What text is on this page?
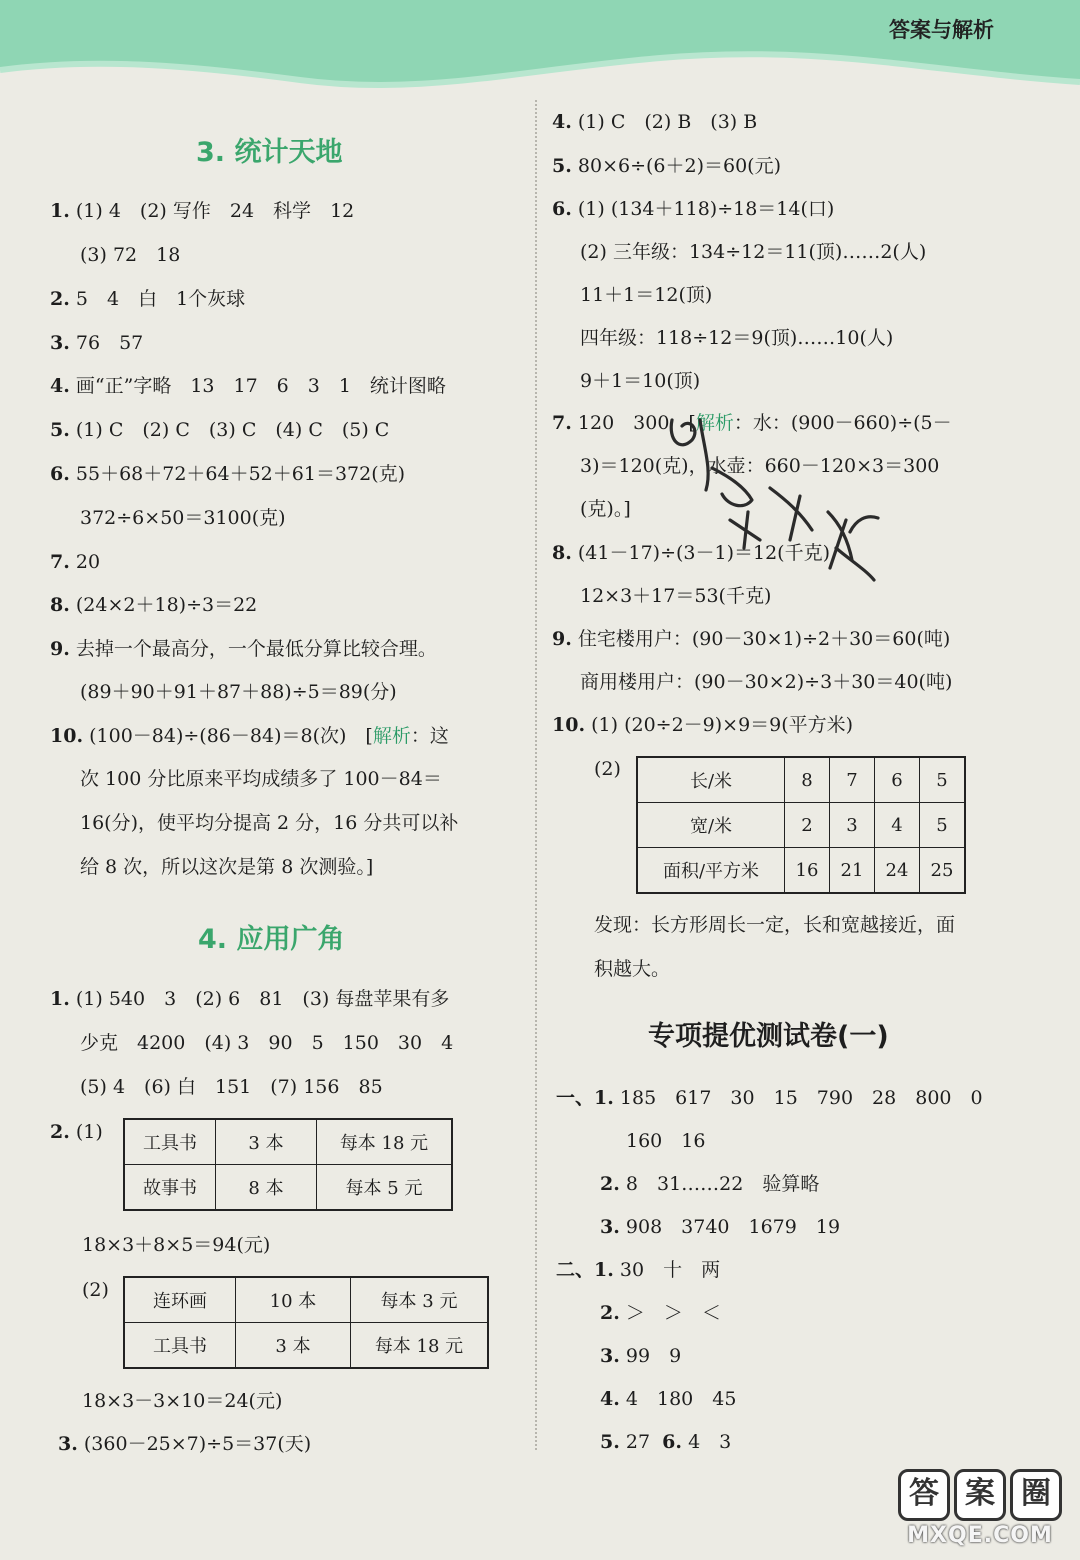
答案与解析
3. 统计天地
1. (1) 4　(2) 写作　24　科学　12
(3) 72　18
2. 5　4　白　1个灰球
3. 76　57
4. 画“正”字略　13　17　6　3　1　统计图略
5. (1) C　(2) C　(3) C　(4) C　(5) C
6. 55＋68＋72＋64＋52＋61＝372(克)
372÷6×50＝3100(克)
7. 20
8. (24×2＋18)÷3＝22
9. 去掉一个最高分，一个最低分算比较合理。
(89＋90＋91＋87＋88)÷5＝89(分)
10. (100－84)÷(86－84)＝8(次)　[解析：这
次 100 分比原来平均成绩多了 100－84＝
16(分)，使平均分提高 2 分，16 分共可以补
给 8 次，所以这次是第 8 次测验。]
4. 应用广角
1. (1) 540　3　(2) 6　81　(3) 每盘苹果有多
少克　4200　(4) 3　90　5　150　30　4
(5) 4　(6) 白　151　(7) 156　85
2. (1)
工具书	3 本	每本 18 元
故事书	8 本	每本 5 元
18×3＋8×5＝94(元)
(2)
连环画	10 本	每本 3 元
工具书	3 本	每本 18 元
18×3－3×10＝24(元)
3. (360－25×7)÷5＝37(天)
4. (1) C　(2) B　(3) B
5. 80×6÷(6＋2)＝60(元)
6. (1) (134＋118)÷18＝14(口)
(2) 三年级：134÷12＝11(顶)……2(人)
11＋1＝12(顶)
四年级：118÷12＝9(顶)……10(人)
9＋1＝10(顶)
7. 120　300　[解析：水：(900－660)÷(5－
3)＝120(克)，水壶：660－120×3＝300
(克)。]
8. (41－17)÷(3－1)＝12(千克)
12×3＋17＝53(千克)
9. 住宅楼用户：(90－30×1)÷2＋30＝60(吨)
商用楼用户：(90－30×2)÷3＋30＝40(吨)
10. (1) (20÷2－9)×9＝9(平方米)
(2)
长/米	8	7	6	5
宽/米	2	3	4	5
面积/平方米	16	21	24	25
发现：长方形周长一定，长和宽越接近，面
积越大。
专项提优测试卷(一)
一、1. 185　617　30　15　790　28　800　0
160　16
2. 8　31……22　验算略
3. 908　3740　1679　19
二、1. 30　十　两
2. ＞　＞　＜
3. 99　9
4. 4　180　45
5. 27 6. 4　3
答 案 圈
MXQE.COM
